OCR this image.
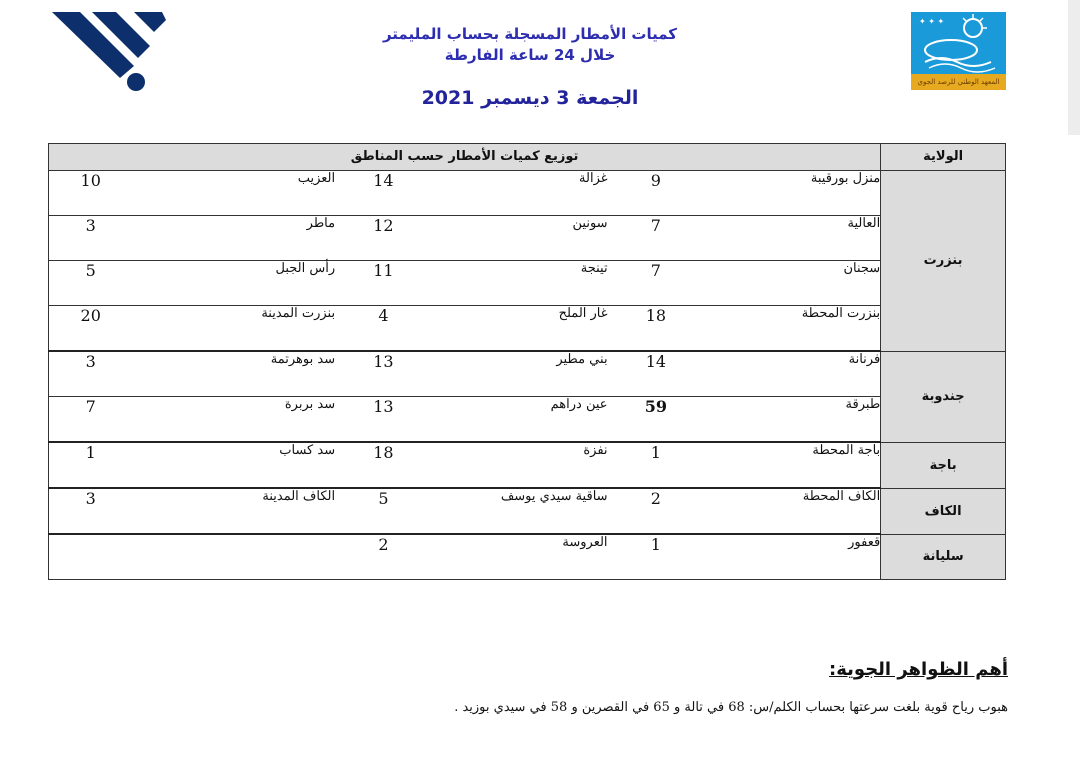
✦ ✦ ✦
المعهد الوطني للرصد الجوي
كميات الأمطار المسجلة بحساب المليمتر
خلال 24 ساعة الفارطة
الجمعة 3 ديسمبر 2021
الولاية	توزيع كميات الأمطار حسب المناطق								
بنزرت	منزل بورقيبة	9		غزالة	14		العزيب		10
	العالية	7		سونين	12		ماطر		3
	سجنان	7		تينجة	11		رأس الجبل		5
	بنزرت المحطة	18		غار الملح	4		بنزرت المدينة		20
جندوبة	فرنانة	14		بني مطير	13		سد بوهرتمة		3
	طبرقة	59		عين دراهم	13		سد بربرة		7
باجة	باجة المحطة	1		نفزة	18		سد كساب		1
الكاف	الكاف المحطة	2		ساقية سيدي يوسف	5		الكاف المدينة		3
سليانة	قعفور	1		العروسة	2				
أهم الظواهر الجوية:
هبوب رياح قوية بلغت سرعتها بحساب الكلم/س: 68 في تالة و 65 في القصرين و 58 في سيدي بوزيد .
